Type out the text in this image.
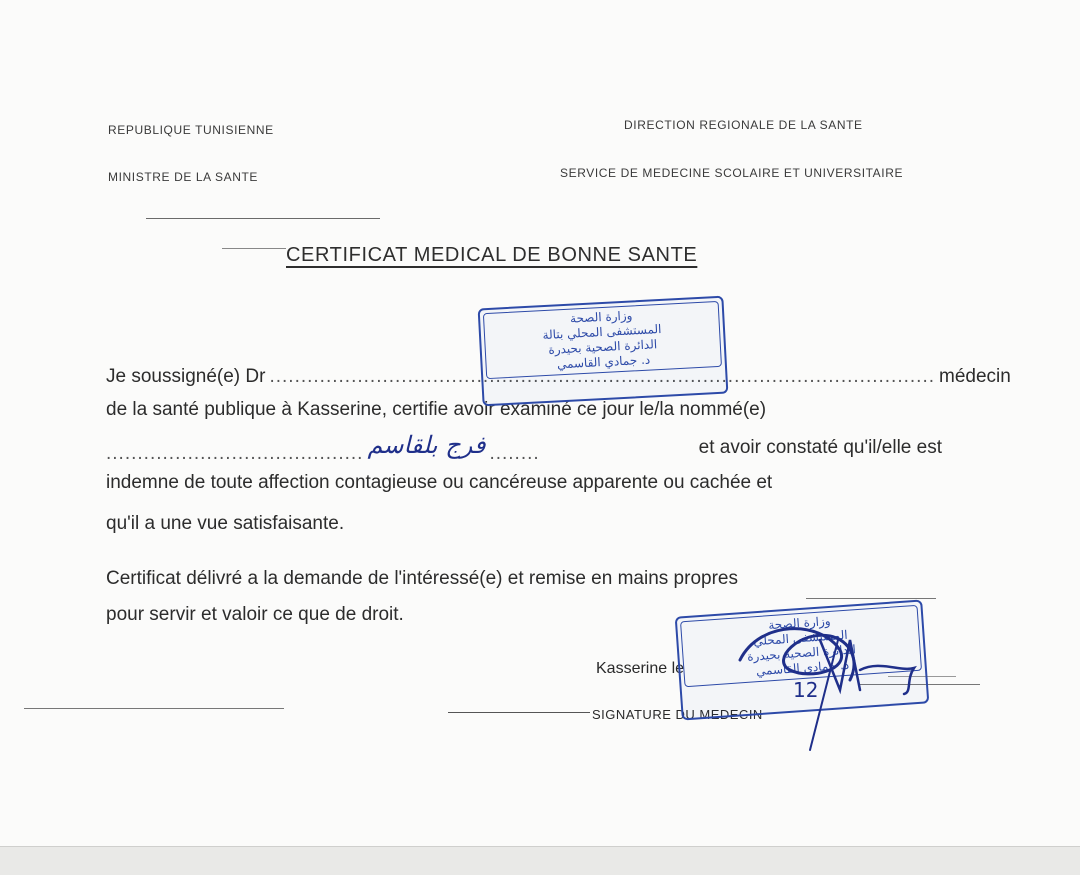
REPUBLIQUE TUNISIENNE
MINISTRE DE LA SANTE
DIRECTION REGIONALE DE LA SANTE
SERVICE DE MEDECINE SCOLAIRE ET UNIVERSITAIRE
CERTIFICAT MEDICAL DE BONNE SANTE
Je soussigné(e) Dr .......................................................................................................... médecin
de la santé publique à Kasserine, certifie avoir examiné ce jour le/la nommé(e)
......................................... فرج بلقاسم ........	et avoir constaté qu'il/elle est
indemne de toute affection contagieuse ou cancéreuse apparente ou cachée et
qu'il a une vue satisfaisante.
Certificat délivré a la demande de l'intéressé(e) et remise en mains propres
pour servir et valoir ce que de droit.
Kasserine le
SIGNATURE DU MEDECIN
وزارة الصحة
المستشفى المحلي بتالة
الدائرة الصحية بحيدرة
د. جمادي القاسمي
وزارة الصحة
المستشفى المحلي
الدائرة الصحية بحيدرة
د. جمادي القاسمي
12
